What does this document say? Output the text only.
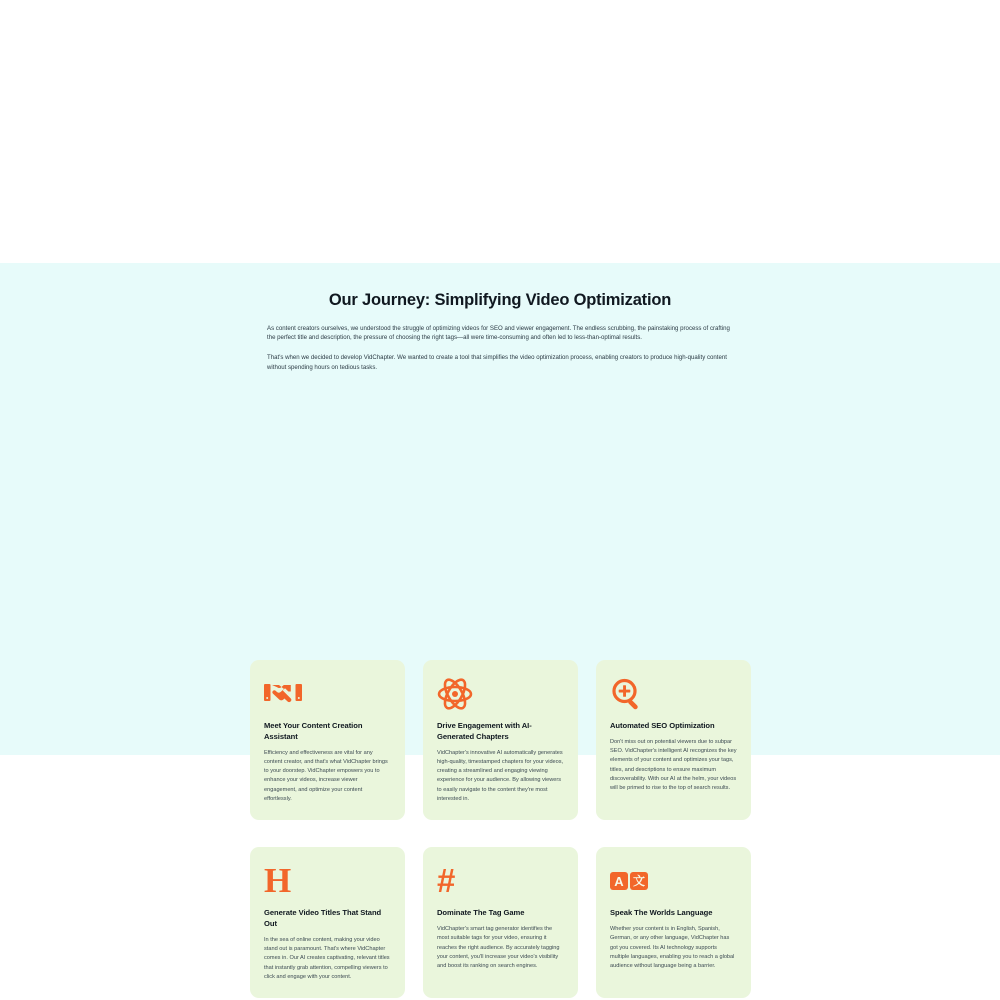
Our Journey: Simplifying Video Optimization

As content creators ourselves, we understood the struggle of optimizing videos for SEO and viewer engagement. The endless scrubbing, the painstaking process of crafting the perfect title and description, the pressure of choosing the right tags—all were time-consuming and often led to less-than-optimal results.

That's when we decided to develop VidChapter. We wanted to create a tool that simplifies the video optimization process, enabling creators to produce high-quality content without spending hours on tedious tasks.

Meet Your Content Creation Assistant

Efficiency and effectiveness are vital for any content creator, and that's what VidChapter brings to your doorstep. VidChapter empowers you to enhance your videos, increase viewer engagement, and optimize your content effortlessly.

Drive Engagement with AI-Generated Chapters

VidChapter's innovative AI automatically generates high-quality, timestamped chapters for your videos, creating a streamlined and engaging viewing experience for your audience. By allowing viewers to easily navigate to the content they're most interested in.

Automated SEO Optimization

Don't miss out on potential viewers due to subpar SEO. VidChapter's intelligent AI recognizes the key elements of your content and optimizes your tags, titles, and descriptions to ensure maximum discoverability. With our AI at the helm, your videos will be primed to rise to the top of search results.

H
Generate Video Titles That Stand Out

In the sea of online content, making your video stand out is paramount. That's where VidChapter comes in. Our AI creates captivating, relevant titles that instantly grab attention, compelling viewers to click and engage with your content.

#
Dominate The Tag Game

VidChapter's smart tag generator identifies the most suitable tags for your video, ensuring it reaches the right audience. By accurately tagging your content, you'll increase your video's visibility and boost its ranking on search engines.

A 文
Speak The Worlds Language

Whether your content is in English, Spanish, German, or any other language, VidChapter has got you covered. Its AI technology supports multiple languages, enabling you to reach a global audience without language being a barrier.
